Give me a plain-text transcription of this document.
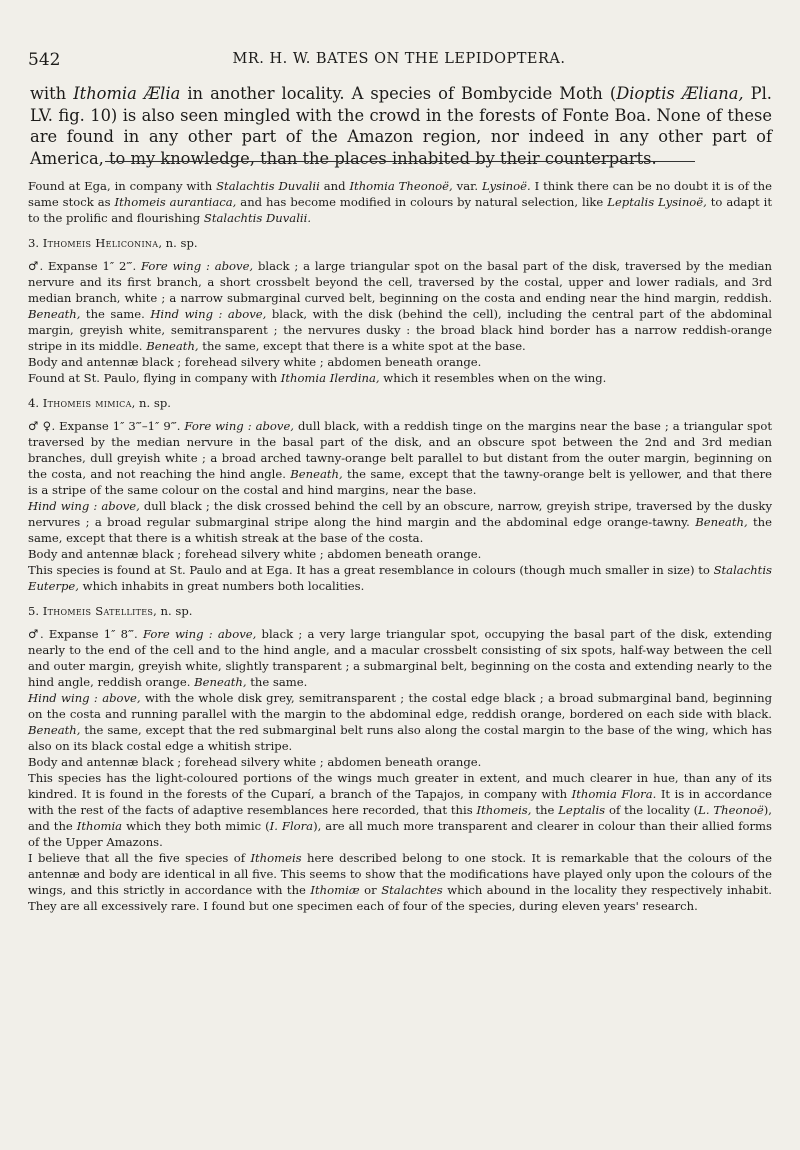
542	MR. H. W. BATES ON THE LEPIDOPTERA.

with Ithomia Ælia in another locality. A species of Bombycide Moth (Dioptis Æliana, Pl. LV. fig. 10) is also seen mingled with the crowd in the forests of Fonte Boa. None of these are found in any other part of the Amazon region, nor indeed in any other part of America, to my knowledge, than the places inhabited by their counterparts.

Found at Ega, in company with Stalachtis Duvalii and Ithomia Theonoë, var. Lysinoë. I think there can be no doubt it is of the same stock as Ithomeis aurantiaca, and has become modified in colours by natural selection, like Leptalis Lysinoë, to adapt it to the prolific and flourishing Stalachtis Duvalii.

3. Ithomeis Heliconina, n. sp.

♂. Expanse 1″ 2‴. Fore wing : above, black ; a large triangular spot on the basal part of the disk, traversed by the median nervure and its first branch, a short crossbelt beyond the cell, traversed by the costal, upper and lower radials, and 3rd median branch, white ; a narrow submarginal curved belt, beginning on the costa and ending near the hind margin, reddish. Beneath, the same. Hind wing : above, black, with the disk (behind the cell), including the central part of the abdominal margin, greyish white, semitransparent ; the nervures dusky : the broad black hind border has a narrow reddish-orange stripe in its middle. Beneath, the same, except that there is a white spot at the base.

Body and antennæ black ; forehead silvery white ; abdomen beneath orange.

Found at St. Paulo, flying in company with Ithomia Ilerdina, which it resembles when on the wing.

4. Ithomeis mimica, n. sp.

♂ ♀. Expanse 1″ 3‴–1″ 9‴. Fore wing : above, dull black, with a reddish tinge on the margins near the base ; a triangular spot traversed by the median nervure in the basal part of the disk, and an obscure spot between the 2nd and 3rd median branches, dull greyish white ; a broad arched tawny-orange belt parallel to but distant from the outer margin, beginning on the costa, and not reaching the hind angle. Beneath, the same, except that the tawny-orange belt is yellower, and that there is a stripe of the same colour on the costal and hind margins, near the base.

Hind wing : above, dull black ; the disk crossed behind the cell by an obscure, narrow, greyish stripe, traversed by the dusky nervures ; a broad regular submarginal stripe along the hind margin and the abdominal edge orange-tawny. Beneath, the same, except that there is a whitish streak at the base of the costa.

Body and antennæ black ; forehead silvery white ; abdomen beneath orange.

This species is found at St. Paulo and at Ega. It has a great resemblance in colours (though much smaller in size) to Stalachtis Euterpe, which inhabits in great numbers both localities.

5. Ithomeis Satellites, n. sp.

♂. Expanse 1″ 8‴. Fore wing : above, black ; a very large triangular spot, occupying the basal part of the disk, extending nearly to the end of the cell and to the hind angle, and a macular crossbelt consisting of six spots, half-way between the cell and outer margin, greyish white, slightly transparent ; a submarginal belt, beginning on the costa and extending nearly to the hind angle, reddish orange. Beneath, the same.

Hind wing : above, with the whole disk grey, semitransparent ; the costal edge black ; a broad submarginal band, beginning on the costa and running parallel with the margin to the abdominal edge, reddish orange, bordered on each side with black. Beneath, the same, except that the red submarginal belt runs also along the costal margin to the base of the wing, which has also on its black costal edge a whitish stripe.

Body and antennæ black ; forehead silvery white ; abdomen beneath orange.

This species has the light-coloured portions of the wings much greater in extent, and much clearer in hue, than any of its kindred. It is found in the forests of the Cuparí, a branch of the Tapajos, in company with Ithomia Flora. It is in accordance with the rest of the facts of adaptive resemblances here recorded, that this Ithomeis, the Leptalis of the locality (L. Theonoë), and the Ithomia which they both mimic (I. Flora), are all much more transparent and clearer in colour than their allied forms of the Upper Amazons.

I believe that all the five species of Ithomeis here described belong to one stock. It is remarkable that the colours of the antennæ and body are identical in all five. This seems to show that the modifications have played only upon the colours of the wings, and this strictly in accordance with the Ithomiæ or Stalachtes which abound in the locality they respectively inhabit. They are all excessively rare. I found but one specimen each of four of the species, during eleven years' research.
